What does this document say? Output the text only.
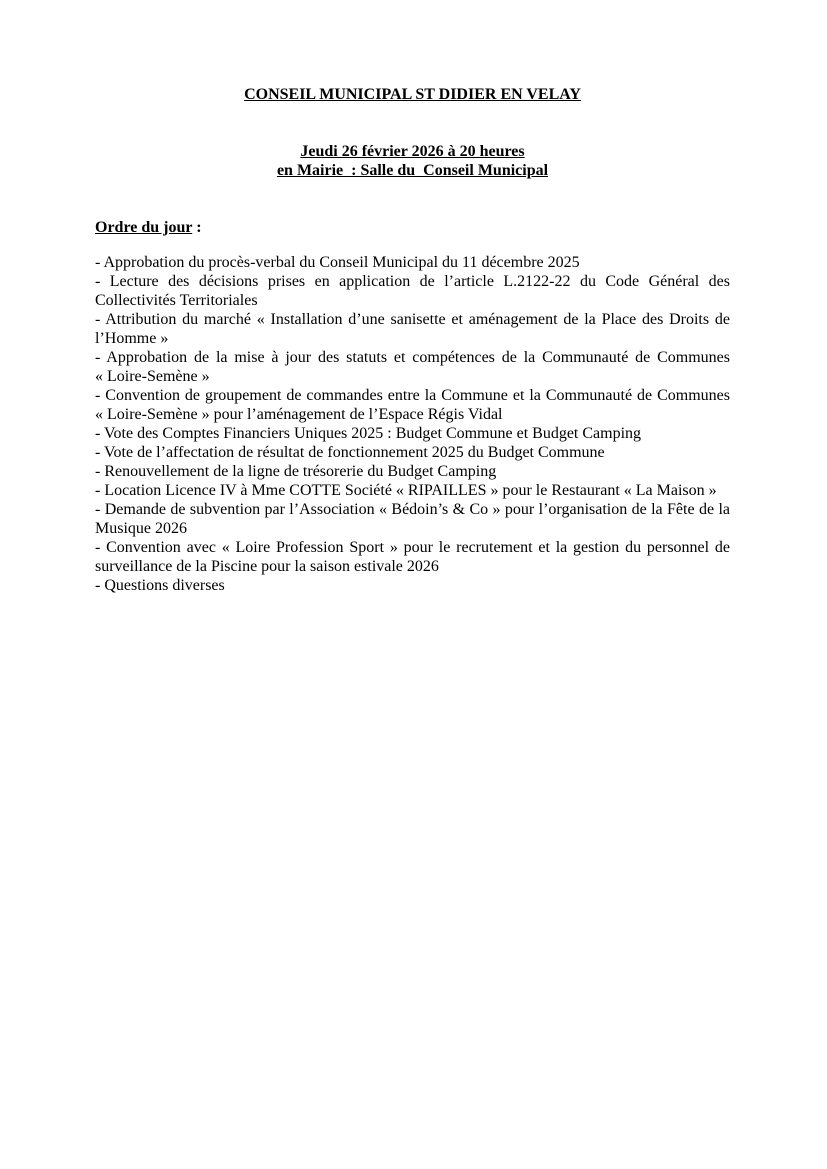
CONSEIL MUNICIPAL ST DIDIER EN VELAY

Jeudi 26 février 2026 à 20 heures

en Mairie  : Salle du  Conseil Municipal

Ordre du jour :

- Approbation du procès-verbal du Conseil Municipal du 11 décembre 2025

- Lecture des décisions prises en application de l’article L.2122-22 du Code Général des Collectivités Territoriales

- Attribution du marché « Installation d’une sanisette et aménagement de la Place des Droits de l’Homme »

- Approbation de la mise à jour des statuts et compétences de la Communauté de Communes « Loire-Semène »

- Convention de groupement de commandes entre la Commune et la Communauté de Communes « Loire-Semène » pour l’aménagement de l’Espace Régis Vidal

- Vote des Comptes Financiers Uniques 2025 : Budget Commune et Budget Camping

- Vote de l’affectation de résultat de fonctionnement 2025 du Budget Commune

- Renouvellement de la ligne de trésorerie du Budget Camping

- Location Licence IV à Mme COTTE Société « RIPAILLES » pour le Restaurant « La Maison »

- Demande de subvention par l’Association « Bédoin’s & Co » pour l’organisation de la Fête de la Musique 2026

- Convention avec « Loire Profession Sport » pour le recrutement et la gestion du personnel de surveillance de la Piscine pour la saison estivale 2026

- Questions diverses
